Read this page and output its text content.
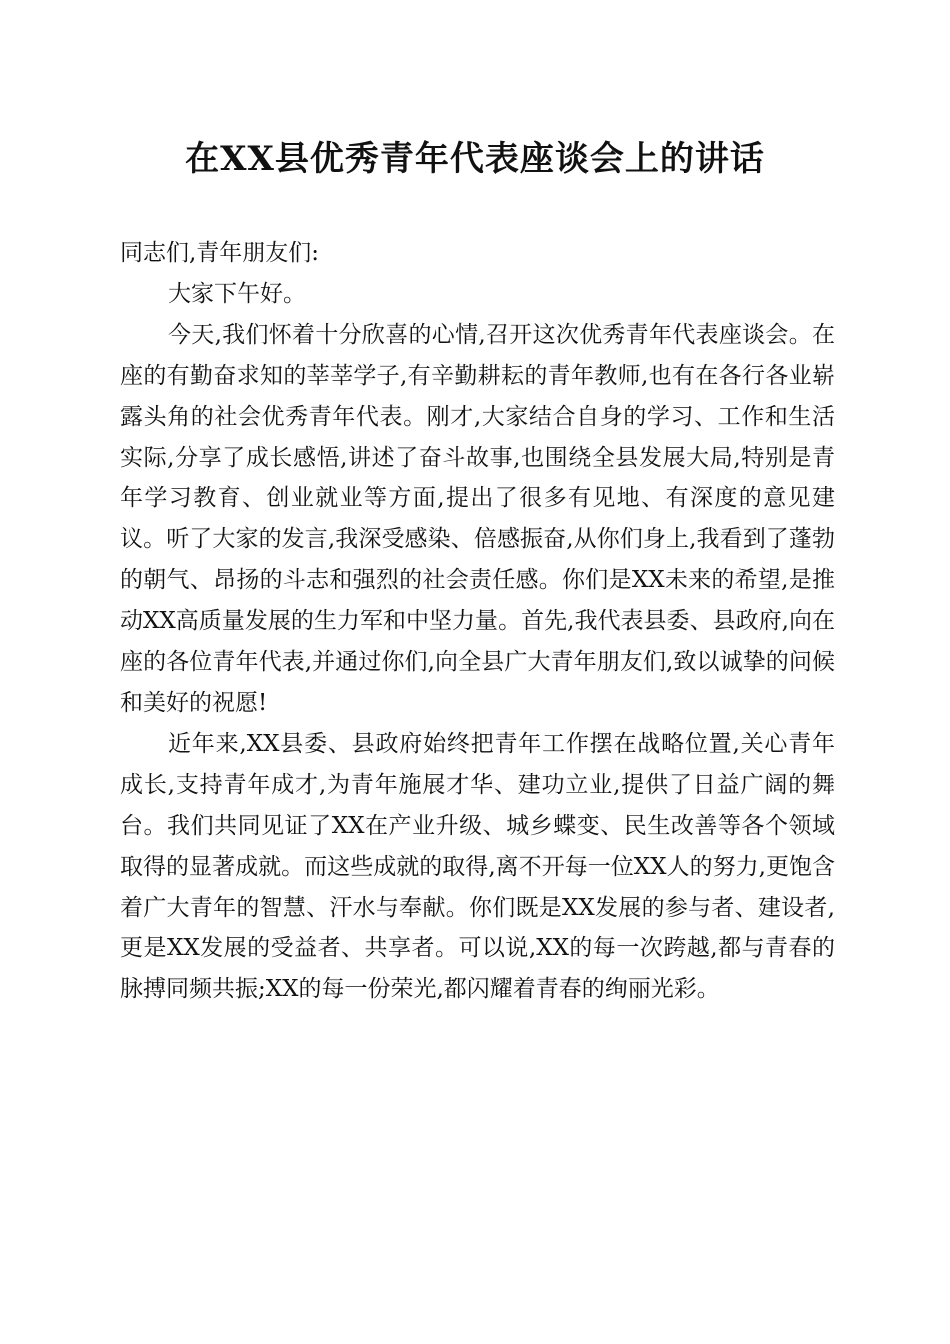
在XX县优秀青年代表座谈会上的讲话

同志们,青年朋友们:

大家下午好。

今天,我们怀着十分欣喜的心情,召开这次优秀青年代表座谈会。在座的有勤奋求知的莘莘学子,有辛勤耕耘的青年教师,也有在各行各业崭露头角的社会优秀青年代表。刚才,大家结合自身的学习、工作和生活实际,分享了成长感悟,讲述了奋斗故事,也围绕全县发展大局,特别是青年学习教育、创业就业等方面,提出了很多有见地、有深度的意见建议。听了大家的发言,我深受感染、倍感振奋,从你们身上,我看到了蓬勃的朝气、昂扬的斗志和强烈的社会责任感。你们是XX未来的希望,是推动XX高质量发展的生力军和中坚力量。首先,我代表县委、县政府,向在座的各位青年代表,并通过你们,向全县广大青年朋友们,致以诚挚的问候和美好的祝愿!

近年来,XX县委、县政府始终把青年工作摆在战略位置,关心青年成长,支持青年成才,为青年施展才华、建功立业,提供了日益广阔的舞台。我们共同见证了XX在产业升级、城乡蝶变、民生改善等各个领域取得的显著成就。而这些成就的取得,离不开每一位XX人的努力,更饱含着广大青年的智慧、汗水与奉献。你们既是XX发展的参与者、建设者,更是XX发展的受益者、共享者。可以说,XX的每一次跨越,都与青春的脉搏同频共振;XX的每一份荣光,都闪耀着青春的绚丽光彩。
